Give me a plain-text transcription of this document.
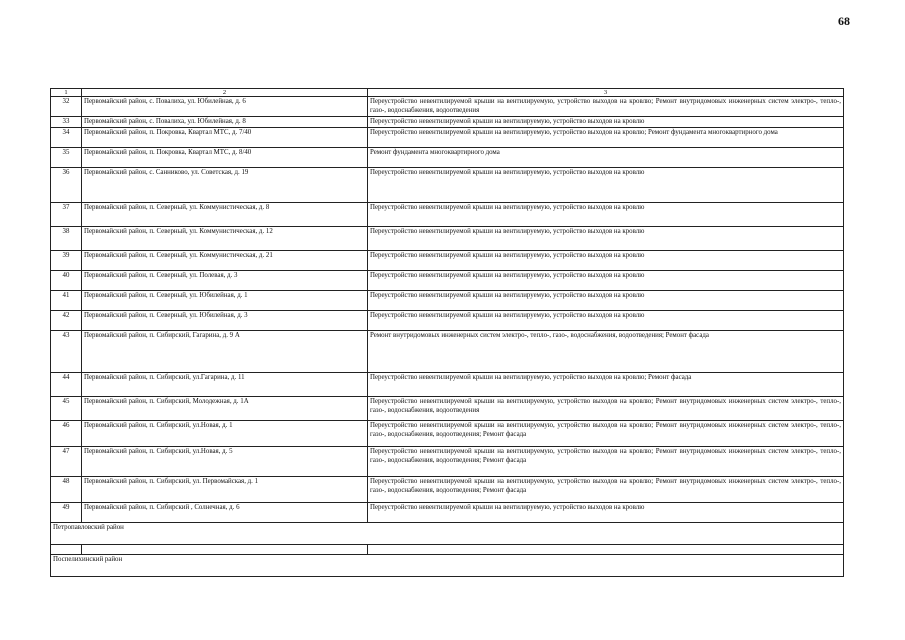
68
1	2	3
32	Первомайский район, с. Повалиха, ул. Юбилейная, д. 6	Переустройство невентилируемой крыши на вентилируемую, устройство выходов на кровлю; Ремонт внутридомовых инженерных систем электро-, тепло-, газо-, водоснабжения, водоотведения
33	Первомайский район, с. Повалиха, ул. Юбилейная, д. 8	Переустройство невентилируемой крыши на вентилируемую, устройство выходов на кровлю
34	Первомайский район, п. Покровка, Квартал МТС, д. 7/40	Переустройство невентилируемой крыши на вентилируемую, устройство выходов на кровлю; Ремонт фундамента многоквартирного дома
35	Первомайский район, п. Покровка, Квартал МТС, д. 8/40	Ремонт фундамента многоквартирного дома
36	Первомайский район, с. Санниково, ул. Советская, д. 19	Переустройство невентилируемой крыши на вентилируемую, устройство выходов на кровлю
37	Первомайский район, п. Северный, ул. Коммунистическая, д. 8	Переустройство невентилируемой крыши на вентилируемую, устройство выходов на кровлю
38	Первомайский район, п. Северный, ул. Коммунистическая, д. 12	Переустройство невентилируемой крыши на вентилируемую, устройство выходов на кровлю
39	Первомайский район, п. Северный, ул. Коммунистическая, д. 21	Переустройство невентилируемой крыши на вентилируемую, устройство выходов на кровлю
40	Первомайский район, п. Северный, ул. Полевая, д. 3	Переустройство невентилируемой крыши на вентилируемую, устройство выходов на кровлю
41	Первомайский район, п. Северный, ул. Юбилейная, д. 1	Переустройство невентилируемой крыши на вентилируемую, устройство выходов на кровлю
42	Первомайский район, п. Северный, ул. Юбилейная, д. 3	Переустройство невентилируемой крыши на вентилируемую, устройство выходов на кровлю
43	Первомайский район, п. Сибирский, Гагарина, д. 9 А	Ремонт внутридомовых инженерных систем электро-, тепло-, газо-, водоснабжения, водоотведения; Ремонт фасада
44	Первомайский район, п. Сибирский, ул.Гагарина, д. 11	Переустройство невентилируемой крыши на вентилируемую, устройство выходов на кровлю; Ремонт фасада
45	Первомайский район, п. Сибирский, Молодежная, д. 1А	Переустройство невентилируемой крыши на вентилируемую, устройство выходов на кровлю; Ремонт внутридомовых инженерных систем электро-, тепло-, газо-, водоснабжения, водоотведения
46	Первомайский район, п. Сибирский, ул.Новая, д. 1	Переустройство невентилируемой крыши на вентилируемую, устройство выходов на кровлю; Ремонт внутридомовых инженерных систем электро-, тепло-, газо-, водоснабжения, водоотведения; Ремонт фасада
47	Первомайский район, п. Сибирский, ул.Новая, д. 5	Переустройство невентилируемой крыши на вентилируемую, устройство выходов на кровлю; Ремонт внутридомовых инженерных систем электро-, тепло-, газо-, водоснабжения, водоотведения; Ремонт фасада
48	Первомайский район, п. Сибирский, ул. Первомайская, д. 1	Переустройство невентилируемой крыши на вентилируемую, устройство выходов на кровлю; Ремонт внутридомовых инженерных систем электро-, тепло-, газо-, водоснабжения, водоотведения; Ремонт фасада
49	Первомайский район, п. Сибирский , Солнечная, д. 6	Переустройство невентилируемой крыши на вентилируемую, устройство выходов на кровлю
Петропавловский район		

Поспелихинский район		
